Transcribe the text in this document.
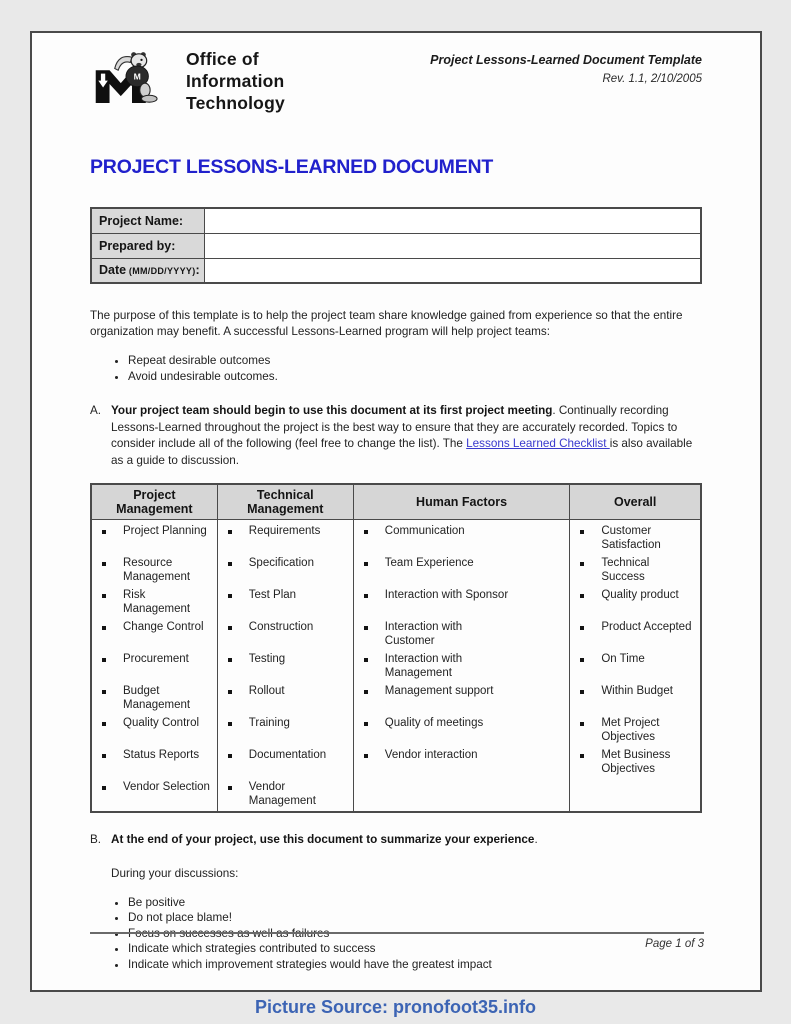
M
Office of
Information
Technology
Project Lessons-Learned Document Template
Rev. 1.1, 2/10/2005
PROJECT LESSONS-LEARNED DOCUMENT
Project Name:	
Prepared by:	
Date (MM/DD/YYYY):	
The purpose of this template is to help the project team share knowledge gained from experience so that the entire organization may benefit. A successful Lessons-Learned program will help project teams:
• Repeat desirable outcomes
• Avoid undesirable outcomes.
A. Your project team should begin to use this document at its first project meeting. Continually recording Lessons-Learned throughout the project is the best way to ensure that they are accurately recorded. Topics to consider include all of the following (feel free to change the list). The Lessons Learned Checklist is also available as a guide to discussion.
Project Management	Technical Management	Human Factors	Overall

Project Planning	Requirements	Communication	Customer
Satisfaction

Resource
Management	Specification	Team Experience	Technical
Success

Risk Management	Test Plan	Interaction with Sponsor	Quality product

Change Control	Construction	Interaction with
Customer	Product Accepted

Procurement	Testing	Interaction with
Management	On Time

Budget
Management	Rollout	Management support	Within Budget

Quality Control	Training	Quality of meetings	Met Project
Objectives

Status Reports	Documentation	Vendor interaction	Met Business
Objectives

Vendor Selection	Vendor Management		

B. At the end of your project, use this document to summarize your experience.
During your discussions:
• Be positive
• Do not place blame!
• Focus on successes as well as failures
• Indicate which strategies contributed to success
• Indicate which improvement strategies would have the greatest impact
Page 1 of 3
Picture Source: pronofoot35.info
